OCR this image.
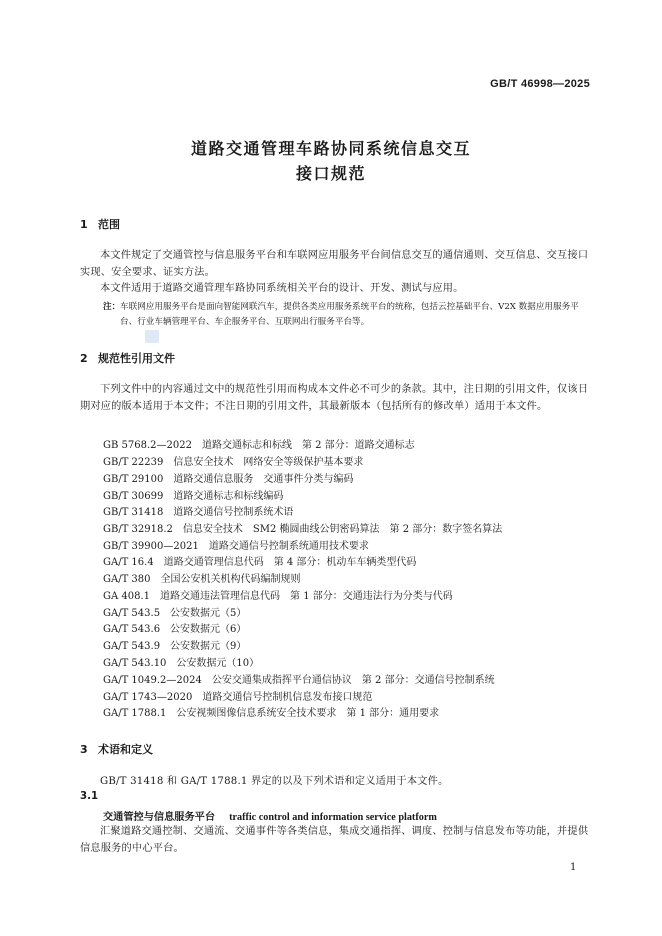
GB/T 46998—2025
道路交通管理车路协同系统信息交互
接口规范
1 范围
本文件规定了交通管控与信息服务平台和车联网应用服务平台间信息交互的通信通则、交互信息、交互接口实现、安全要求、证实方法。
本文件适用于道路交通管理车路协同系统相关平台的设计、开发、测试与应用。
注： 车联网应用服务平台是面向智能网联汽车，提供各类应用服务系统平台的统称，包括云控基础平台、V2X 数据应用服务平台、行业车辆管理平台、车企服务平台、互联网出行服务平台等。
2 规范性引用文件
下列文件中的内容通过文中的规范性引用而构成本文件必不可少的条款。其中，注日期的引用文件，仅该日期对应的版本适用于本文件；不注日期的引用文件，其最新版本（包括所有的修改单）适用于本文件。
GB 5768.2—2022　道路交通标志和标线　第 2 部分：道路交通标志
GB/T 22239　信息安全技术　网络安全等级保护基本要求
GB/T 29100　道路交通信息服务　交通事件分类与编码
GB/T 30699　道路交通标志和标线编码
GB/T 31418　道路交通信号控制系统术语
GB/T 32918.2　信息安全技术　SM2 椭圆曲线公钥密码算法　第 2 部分：数字签名算法
GB/T 39900—2021　道路交通信号控制系统通用技术要求
GA/T 16.4　道路交通管理信息代码　第 4 部分：机动车车辆类型代码
GA/T 380　全国公安机关机构代码编制规则
GA 408.1　道路交通违法管理信息代码　第 1 部分：交通违法行为分类与代码
GA/T 543.5　公安数据元（5）
GA/T 543.6　公安数据元（6）
GA/T 543.9　公安数据元（9）
GA/T 543.10　公安数据元（10）
GA/T 1049.2—2024　公安交通集成指挥平台通信协议　第 2 部分：交通信号控制系统
GA/T 1743—2020　道路交通信号控制机信息发布接口规范
GA/T 1788.1　公安视频图像信息系统安全技术要求　第 1 部分：通用要求
3 术语和定义
GB/T 31418 和 GA/T 1788.1 界定的以及下列术语和定义适用于本文件。
3.1
交通管控与信息服务平台 traffic control and information service platform
汇聚道路交通控制、交通流、交通事件等各类信息，集成交通指挥、调度、控制与信息发布等功能，并提供信息服务的中心平台。
1
